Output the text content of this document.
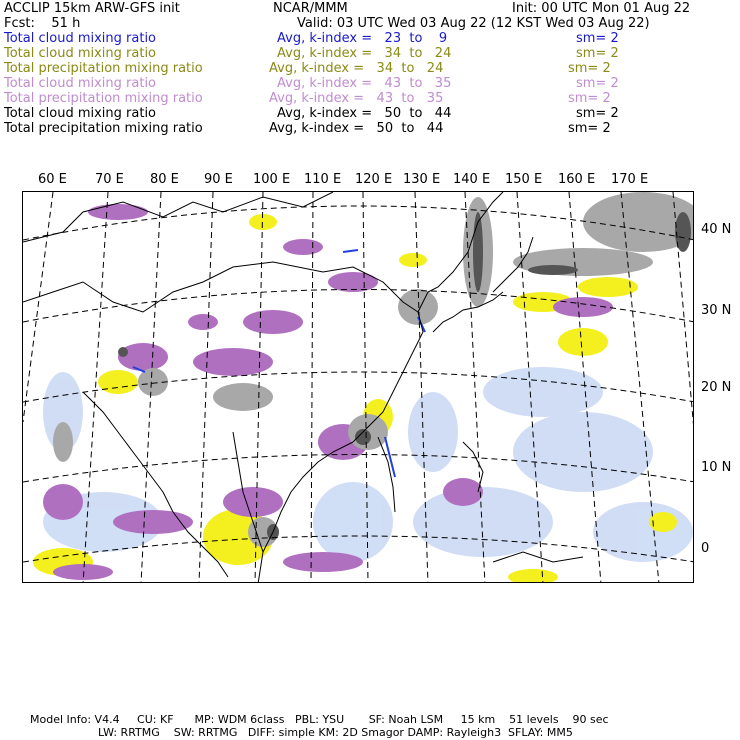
ACCLIP 15km ARW-GFS init	NCAR/MMM	Init: 00 UTC Mon 01 Aug 22
Fcst:    51 h	Valid: 03 UTC Wed 03 Aug 22 (12 KST Wed 03 Aug 22)
Total cloud mixing ratio	Avg, k-index =   23  to    9	sm= 2
Total cloud mixing ratio	Avg, k-index =   34  to   24	sm= 2
Total precipitation mixing ratio	Avg, k-index =   34  to   24	sm= 2
Total cloud mixing ratio	Avg, k-index =   43  to   35	sm= 2
Total precipitation mixing ratio	Avg, k-index =   43  to   35	sm= 2
Total cloud mixing ratio	Avg, k-index =   50  to   44	sm= 2
Total precipitation mixing ratio	Avg, k-index =   50  to   44	sm= 2
60 E 70 E 80 E 90 E 100 E 110 E 120 E 130 E 140 E 150 E 160 E 170 E
40 N
30 N
20 N
10 N
0
Model Info: V4.4     CU: KF      MP: WDM 6class   PBL: YSU       SF: Noah LSM     15 km    51 levels    90 sec
LW: RRTMG    SW: RRTMG   DIFF: simple KM: 2D Smagor DAMP: Rayleigh3  SFLAY: MM5
